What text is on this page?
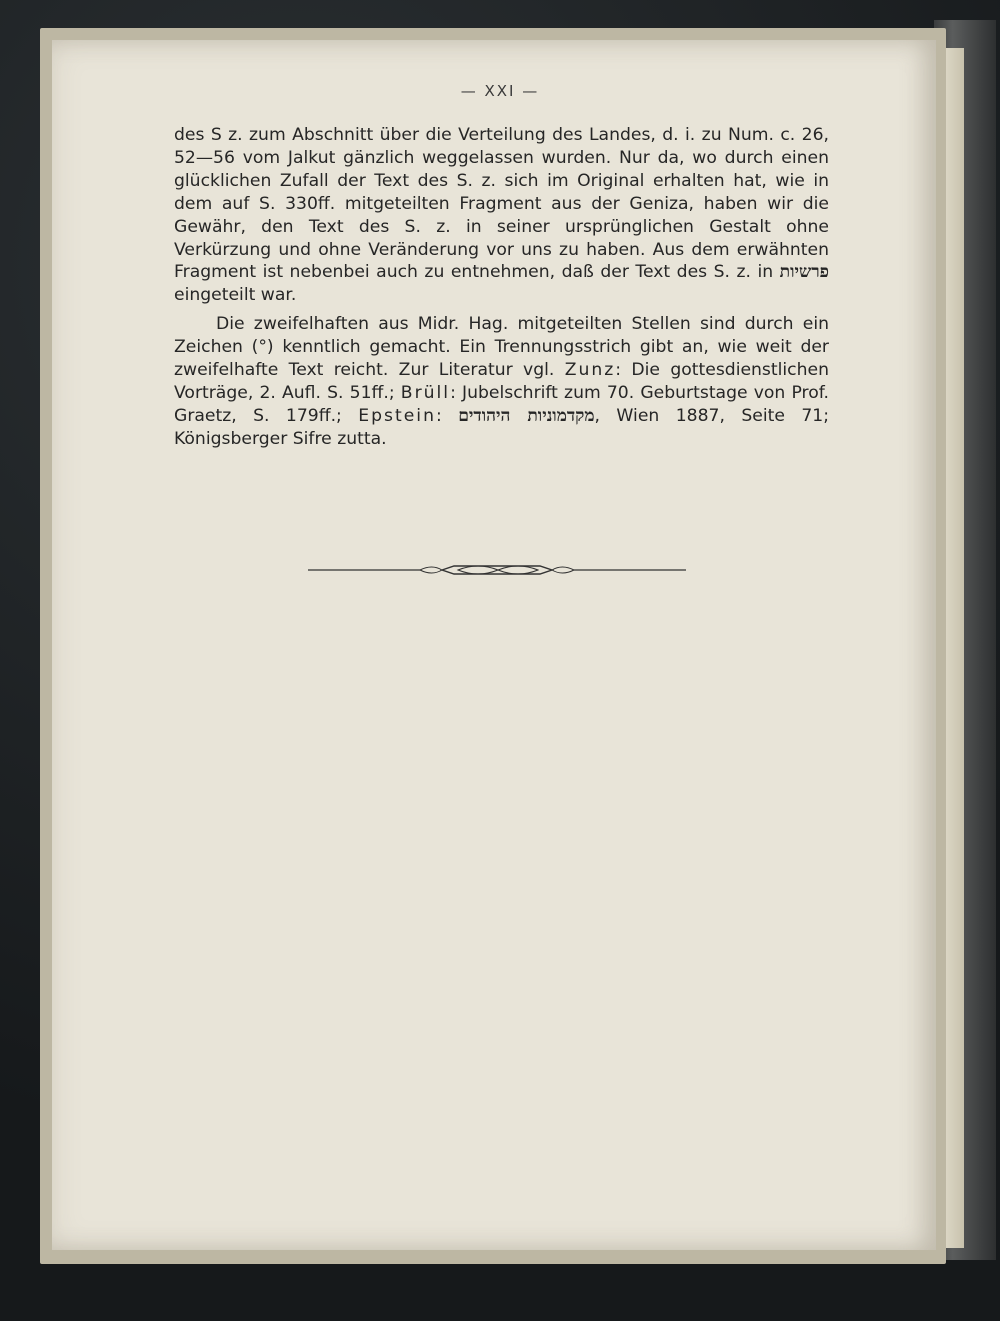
— XXI —

des S z. zum Abschnitt über die Verteilung des Landes, d. i. zu Num. c. 26, 52—56 vom Jalkut gänzlich weggelassen wurden. Nur da, wo durch einen glücklichen Zufall der Text des S. z. sich im Original erhalten hat, wie in dem auf S. 330ff. mitgeteilten Fragment aus der Geniza, haben wir die Gewähr, den Text des S. z. in seiner ursprünglichen Gestalt ohne Verkürzung und ohne Veränderung vor uns zu haben. Aus dem erwähnten Fragment ist nebenbei auch zu entnehmen, daß der Text des S. z. in פרשיות eingeteilt war.

Die zweifelhaften aus Midr. Hag. mitgeteilten Stellen sind durch ein Zeichen (°) kenntlich gemacht. Ein Trennungsstrich gibt an, wie weit der zweifelhafte Text reicht. Zur Literatur vgl. Zunz: Die gottesdienstlichen Vorträge, 2. Aufl. S. 51ff.; Brüll: Jubelschrift zum 70. Geburtstage von Prof. Graetz, S. 179ff.; Epstein: מקדמוניות היהודים, Wien 1887, Seite 71; Königsberger Sifre zutta.
